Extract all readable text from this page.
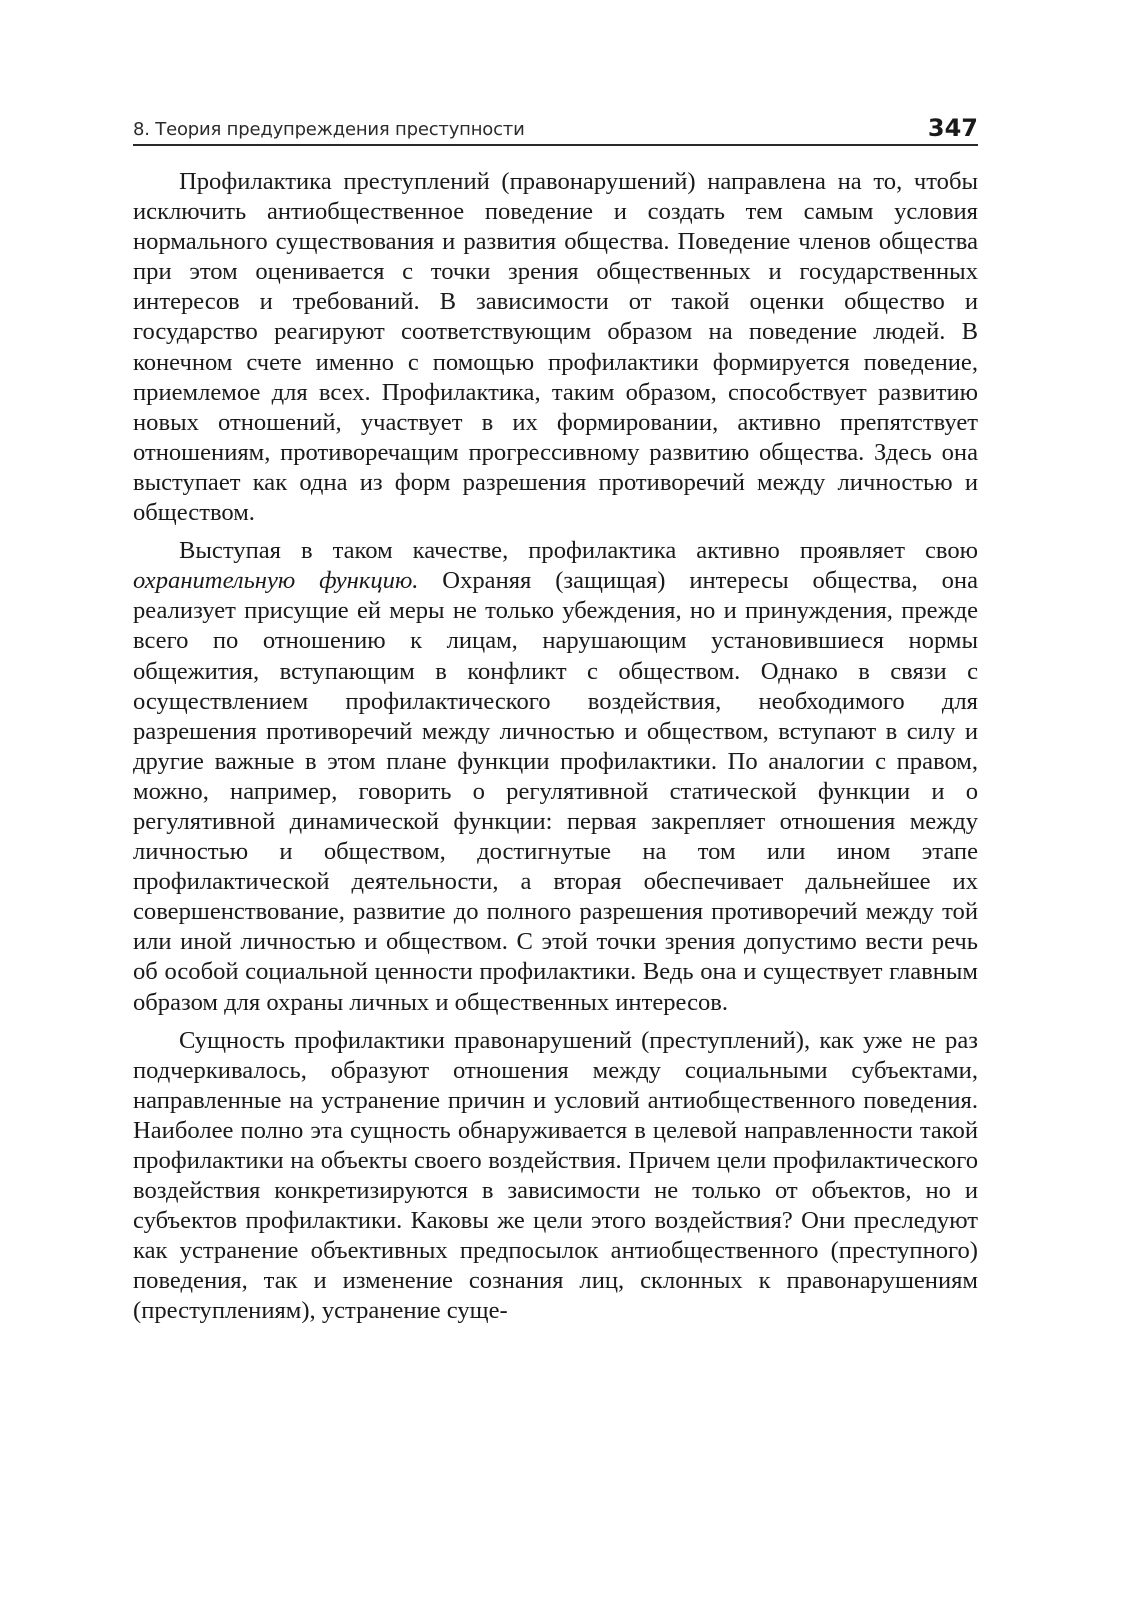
8. Теория предупреждения преступности	347

Профилактика преступлений (правонарушений) направлена на то, чтобы исключить антиобщественное поведение и создать тем самым условия нормального существования и развития общества. Поведение членов общества при этом оценивается с точки зрения общественных и государственных интересов и требований. В зависимости от такой оценки общество и государство реагируют соответствующим образом на поведение людей. В конечном счете именно с помощью профилактики формируется поведение, приемлемое для всех. Профилактика, таким образом, способствует развитию новых отношений, участвует в их формировании, активно препятствует отношениям, противоречащим прогрессивному развитию общества. Здесь она выступает как одна из форм разрешения противоречий между личностью и обществом.

Выступая в таком качестве, профилактика активно проявляет свою охранительную функцию. Охраняя (защищая) интересы общества, она реализует присущие ей меры не только убеждения, но и принуждения, прежде всего по отношению к лицам, нарушающим установившиеся нормы общежития, вступающим в конфликт с обществом. Однако в связи с осуществлением профилактического воздействия, необходимого для разрешения противоречий между личностью и обществом, вступают в силу и другие важные в этом плане функции профилактики. По аналогии с правом, можно, например, говорить о регулятивной статической функции и о регулятивной динамической функции: первая закрепляет отношения между личностью и обществом, достигнутые на том или ином этапе профилактической деятельности, а вторая обеспечивает дальнейшее их совершенствование, развитие до полного разрешения противоречий между той или иной личностью и обществом. С этой точки зрения допустимо вести речь об особой социальной ценности профилактики. Ведь она и существует главным образом для охраны личных и общественных интересов.

Сущность профилактики правонарушений (преступлений), как уже не раз подчеркивалось, образуют отношения между социальными субъектами, направленные на устранение причин и условий антиобщественного поведения. Наиболее полно эта сущность обнаруживается в целевой направленности такой профилактики на объекты своего воздействия. Причем цели профилактического воздействия конкретизируются в зависимости не только от объектов, но и субъектов профилактики. Каковы же цели этого воздействия? Они преследуют как устранение объективных предпосылок антиобщественного (преступного) поведения, так и изменение сознания лиц, склонных к правонарушениям (преступлениям), устранение суще-
